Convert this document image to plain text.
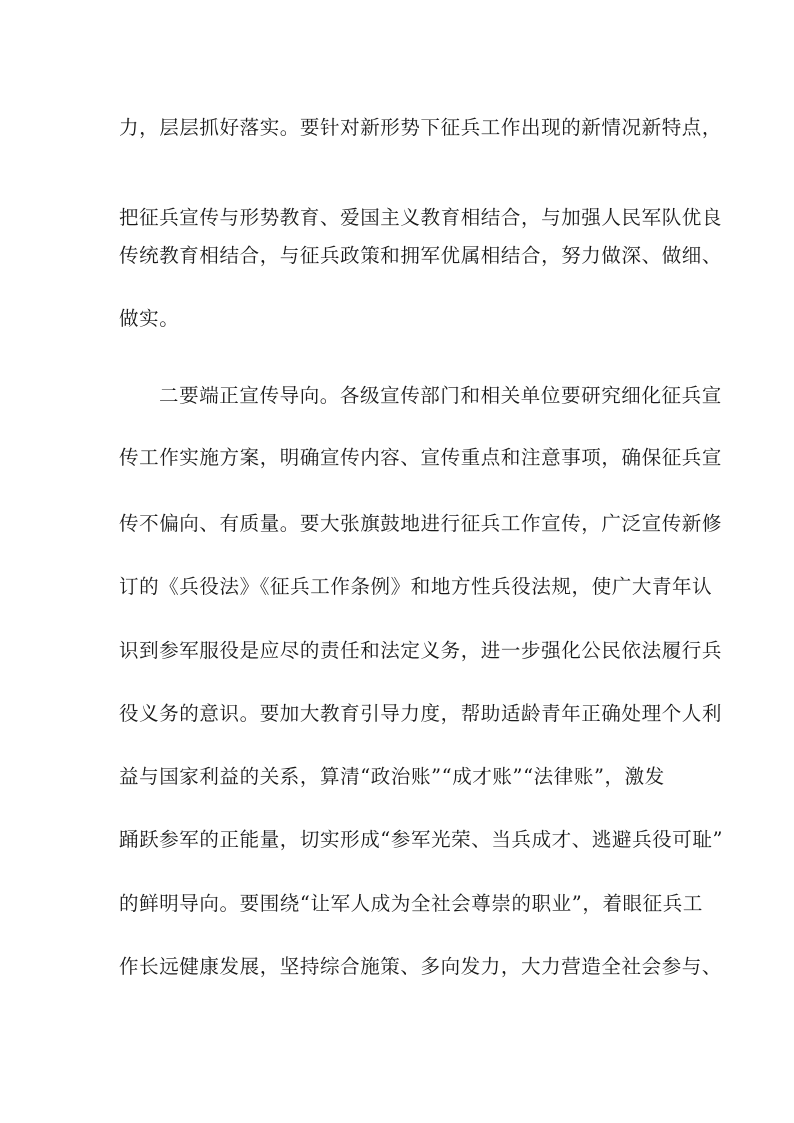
力，层层抓好落实。要针对新形势下征兵工作出现的新情况新特点，
把征兵宣传与形势教育、爱国主义教育相结合，与加强人民军队优良
传统教育相结合，与征兵政策和拥军优属相结合，努力做深、做细、
做实。
二要端正宣传导向。各级宣传部门和相关单位要研究细化征兵宣
传工作实施方案，明确宣传内容、宣传重点和注意事项，确保征兵宣
传不偏向、有质量。要大张旗鼓地进行征兵工作宣传，广泛宣传新修
订的《兵役法》《征兵工作条例》和地方性兵役法规，使广大青年认
识到参军服役是应尽的责任和法定义务，进一步强化公民依法履行兵
役义务的意识。要加大教育引导力度，帮助适龄青年正确处理个人利
益与国家利益的关系，算清“政治账”“成才账”“法律账”，激发
踊跃参军的正能量，切实形成“参军光荣、当兵成才、逃避兵役可耻”
的鲜明导向。要围绕“让军人成为全社会尊崇的职业”，着眼征兵工
作长远健康发展，坚持综合施策、多向发力，大力营造全社会参与、
